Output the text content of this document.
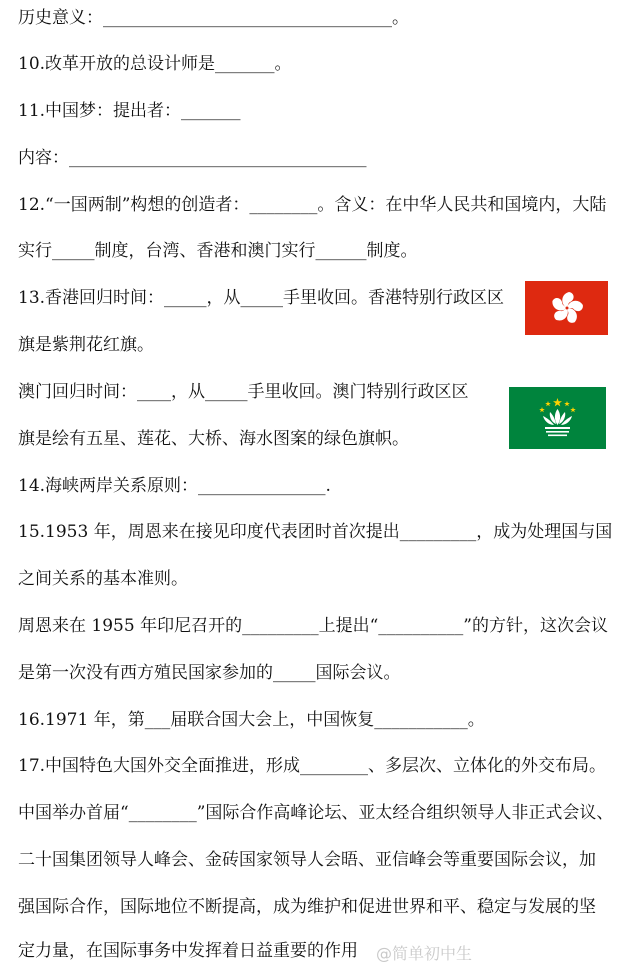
历史意义：__________________________________。
10.改革开放的总设计师是_______。
11.中国梦：提出者：_______
内容：___________________________________
12.“一国两制”构想的创造者：________。含义：在中华人民共和国境内，大陆
实行_____制度，台湾、香港和澳门实行______制度。
13.香港回归时间：_____，从_____手里收回。香港特别行政区区
旗是紫荆花红旗。
澳门回归时间：____，从_____手里收回。澳门特别行政区区
旗是绘有五星、莲花、大桥、海水图案的绿色旗帜。
14.海峡两岸关系原则：_______________.
15.1953 年，周恩来在接见印度代表团时首次提出_________，成为处理国与国
之间关系的基本准则。
周恩来在 1955 年印尼召开的_________上提出“__________”的方针，这次会议
是第一次没有西方殖民国家参加的_____国际会议。
16.1971 年，第___届联合国大会上，中国恢复___________。
17.中国特色大国外交全面推进，形成________、多层次、立体化的外交布局。
中国举办首届“________”国际合作高峰论坛、亚太经合组织领导人非正式会议、
二十国集团领导人峰会、金砖国家领导人会晤、亚信峰会等重要国际会议，加
强国际合作，国际地位不断提高，成为维护和促进世界和平、稳定与发展的坚
定力量，在国际事务中发挥着日益重要的作用 @简单初中生
